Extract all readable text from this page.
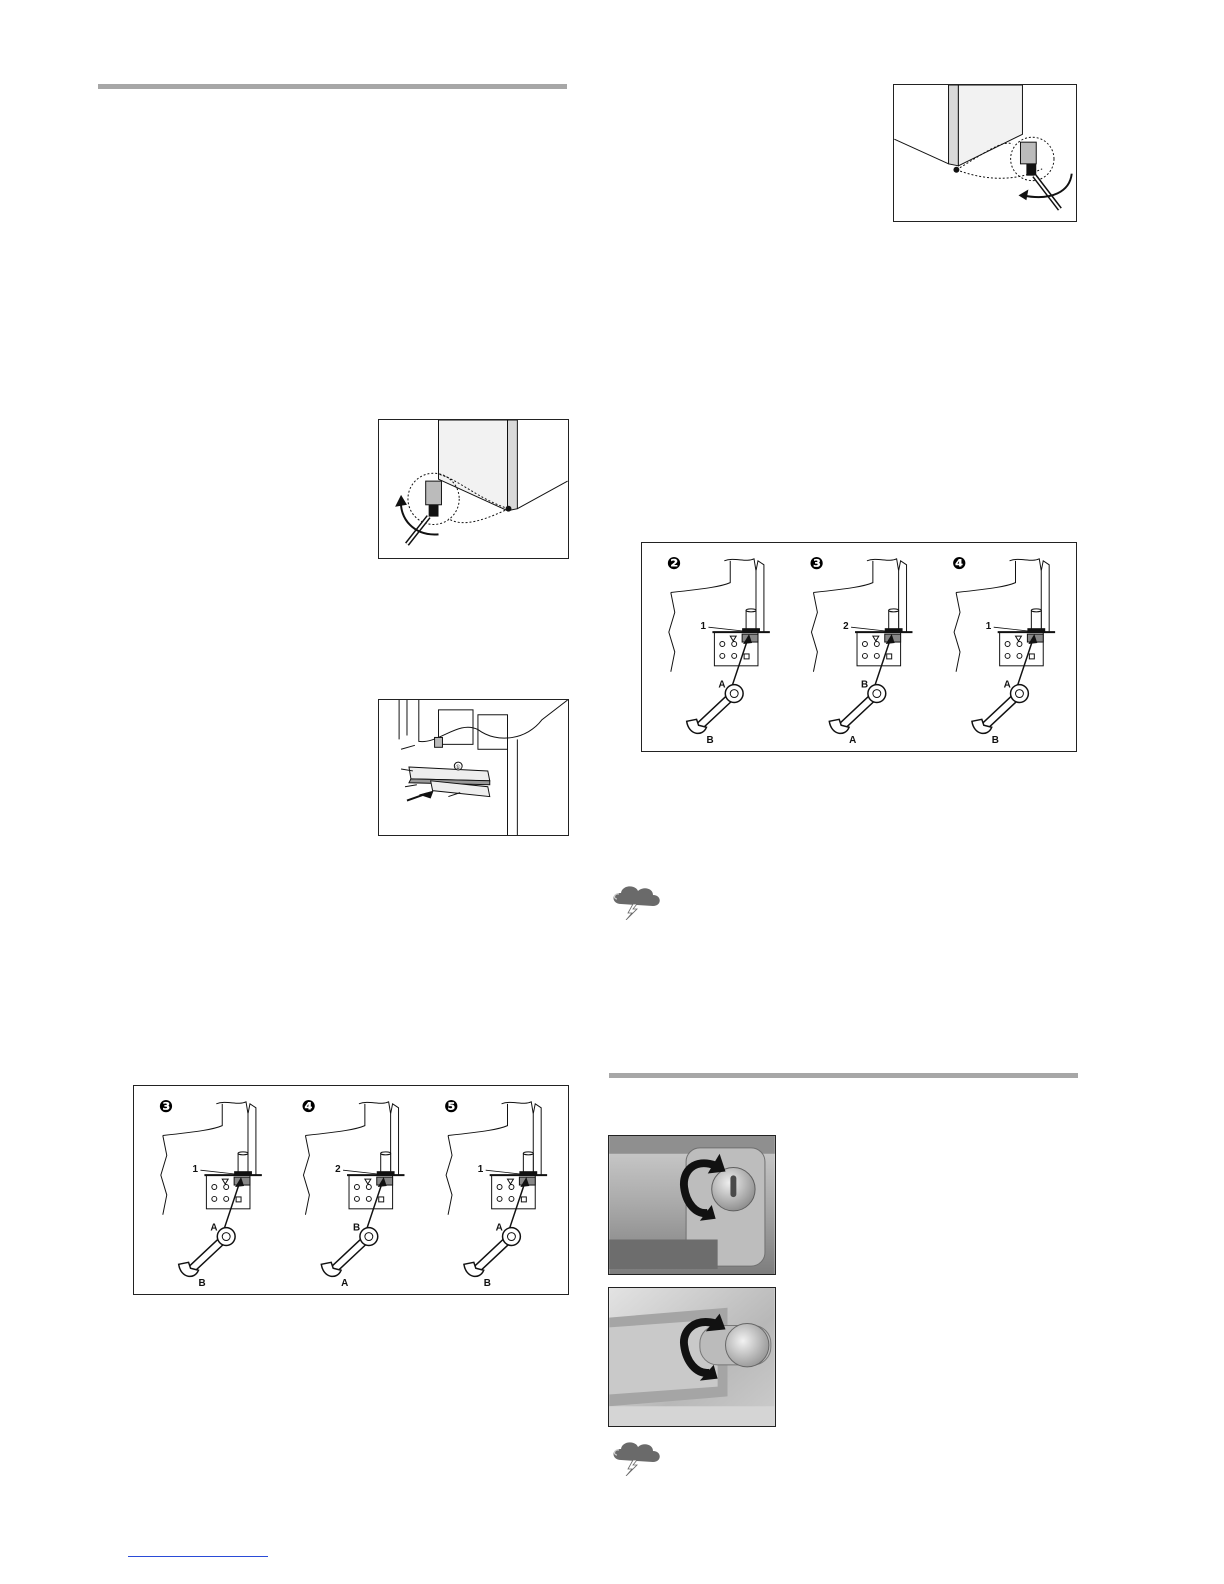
①
❸
1
A
B
❹
2
B
A
❺
1
A
B
❷
1
A
B
❸
2
B
A
❹
1
A
B
